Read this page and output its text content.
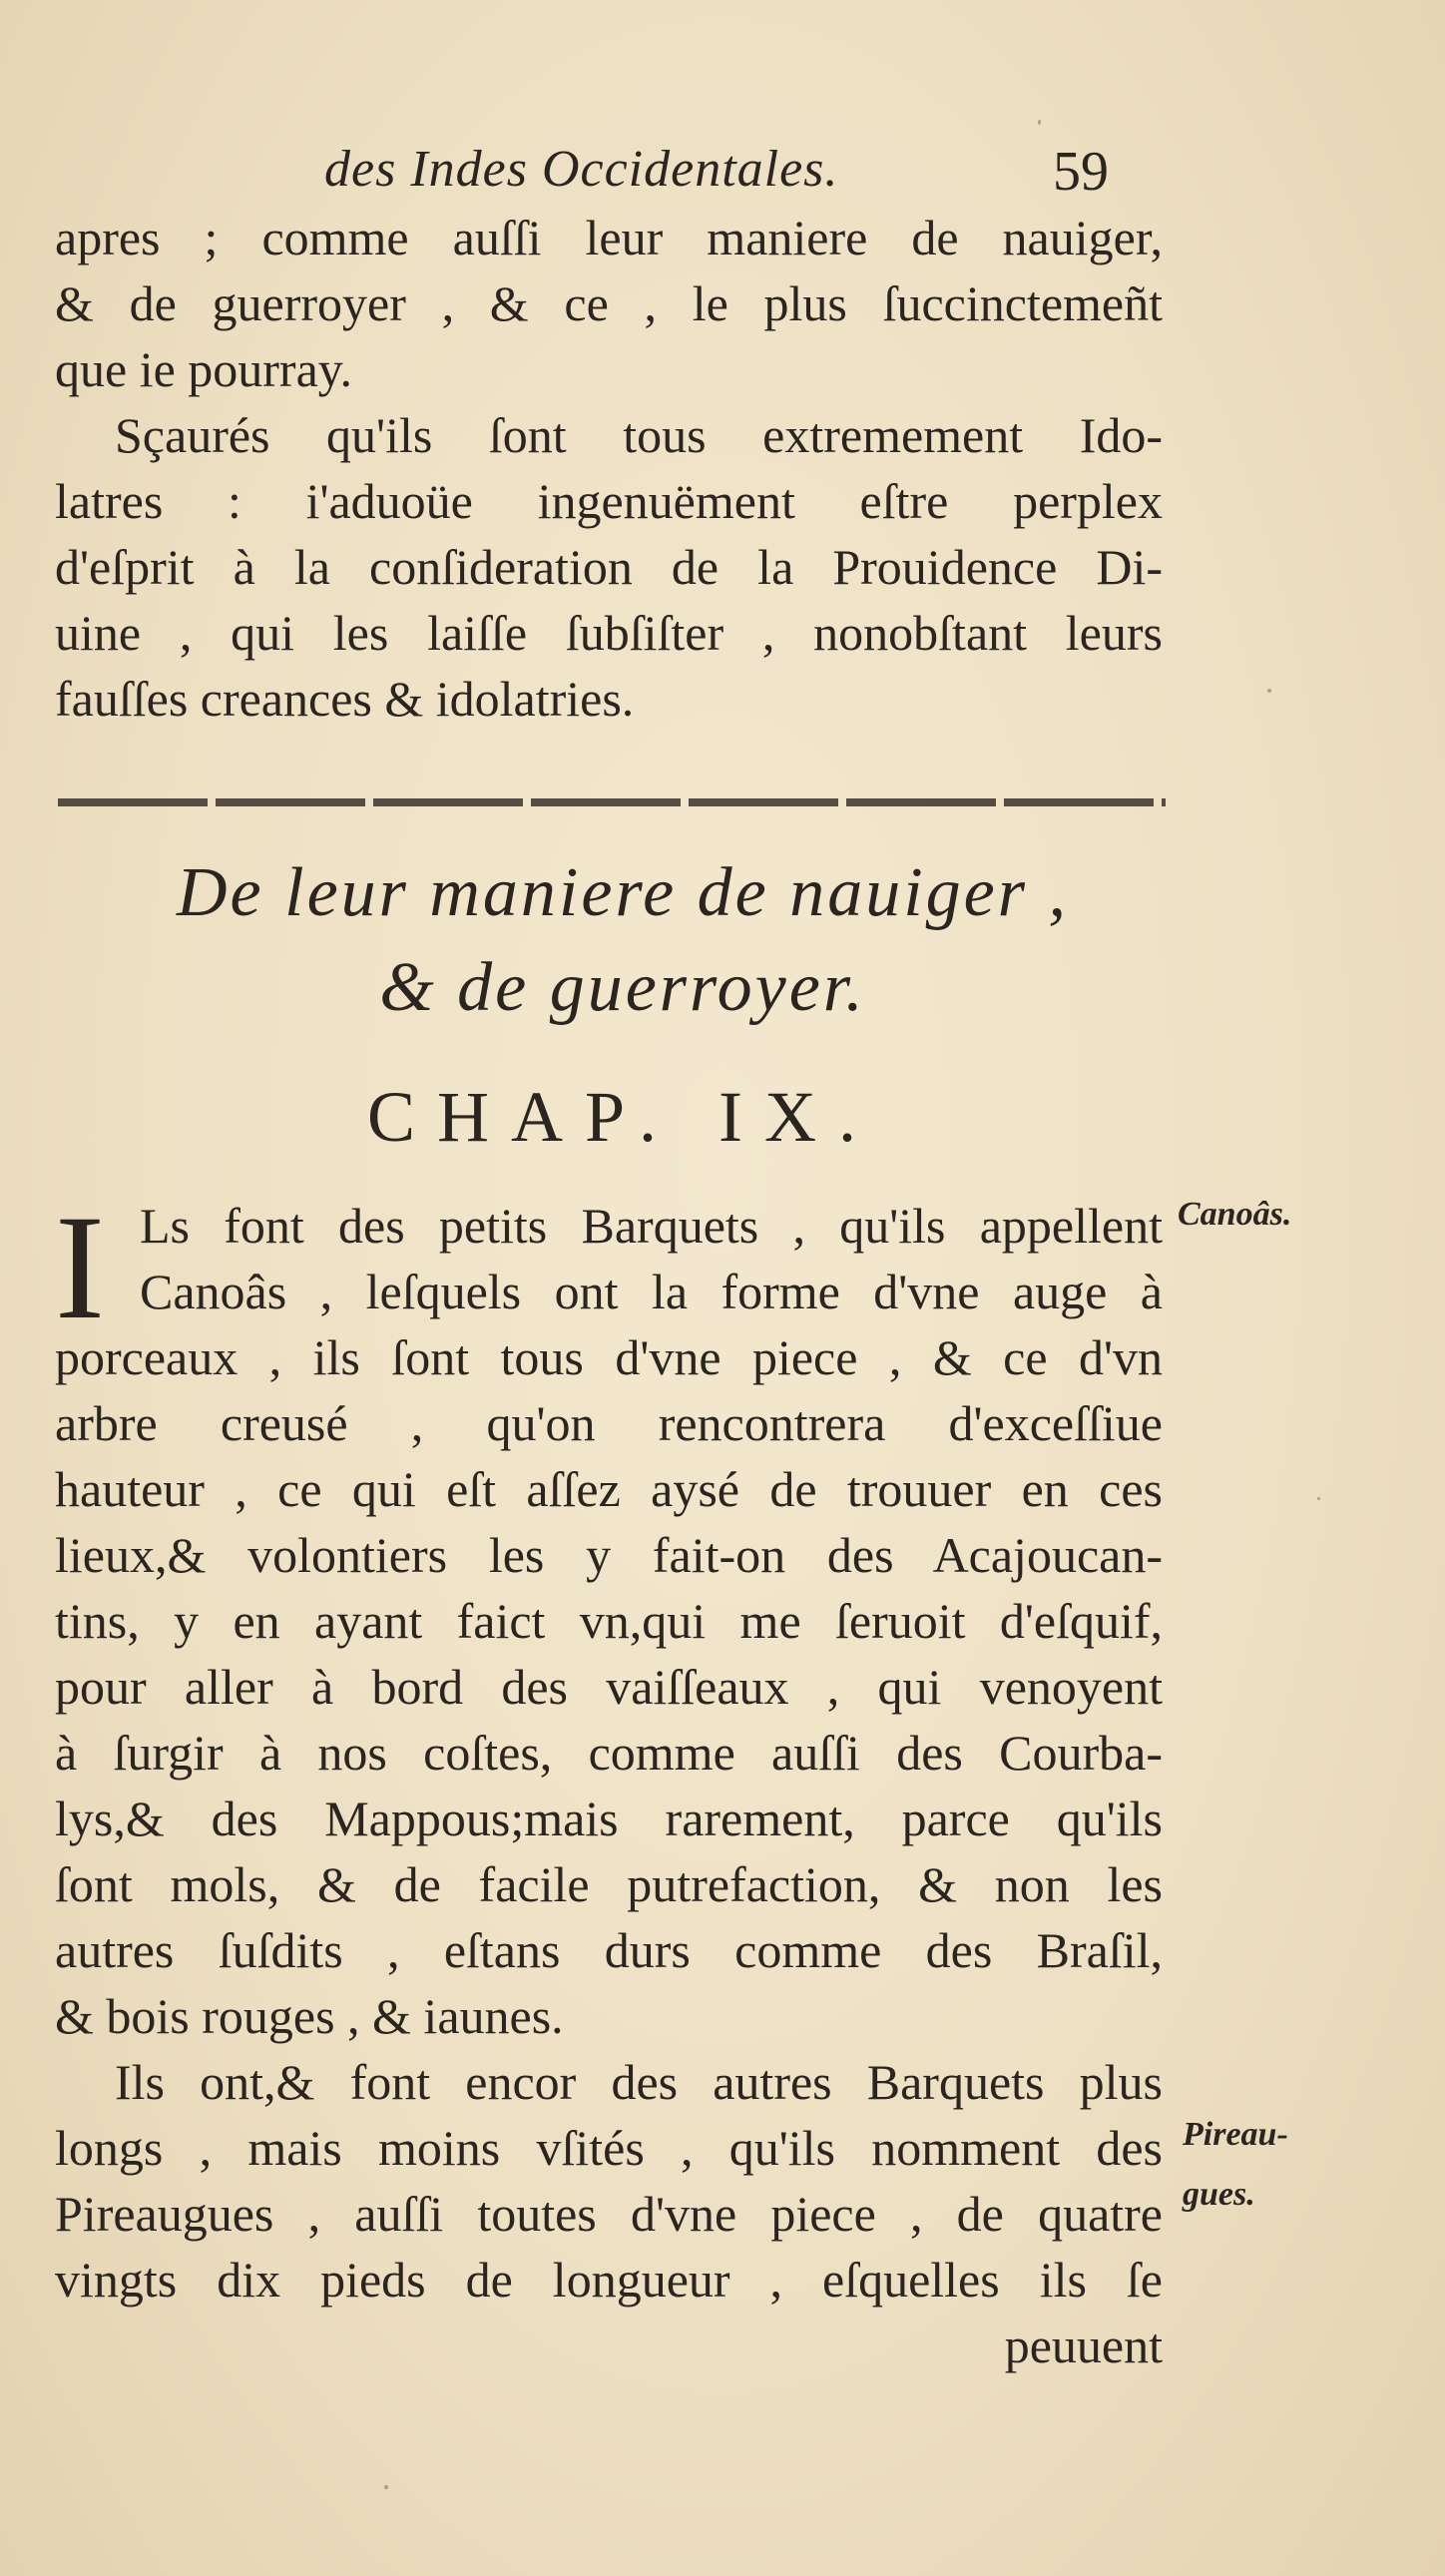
des Indes Occidentales.	59
apres ; comme auſſi leur maniere de nauiger,
& de guerroyer , & ce , le plus ſuccinctemeñt
que ie pourray.
Sçaurés qu'ils ſont tous extremement Ido-
latres : i'aduoüe ingenuëment eſtre perplex
d'eſprit à la conſideration de la Prouidence Di-
uine , qui les laiſſe ſubſiſter , nonobſtant leurs
fauſſes creances & idolatries.
De leur maniere de nauiger ,
& de guerroyer.
CHAP. IX.
I Ls font des petits Barquets , qu'ils appellent
Canoâs , leſquels ont la forme d'vne auge à
porceaux , ils ſont tous d'vne piece , & ce d'vn
arbre creusé , qu'on rencontrera d'exceſſiue
hauteur , ce qui eſt aſſez aysé de trouuer en ces
lieux,& volontiers les y fait-on des Acajoucan-
tins, y en ayant faict vn,qui me ſeruoit d'eſquif,
pour aller à bord des vaiſſeaux , qui venoyent
à ſurgir à nos coſtes, comme auſſi des Courba-
lys,& des Mappous;mais rarement, parce qu'ils
ſont mols, & de facile putrefaction, & non les
autres ſuſdits , eſtans durs comme des Braſil,
& bois rouges , & iaunes.
Ils ont,& font encor des autres Barquets plus
longs , mais moins vſités , qu'ils nomment des
Pireaugues , auſſi toutes d'vne piece , de quatre
vingts dix pieds de longueur , eſquelles ils ſe
peuuent
Canoâs.
Pireau-
gues.
